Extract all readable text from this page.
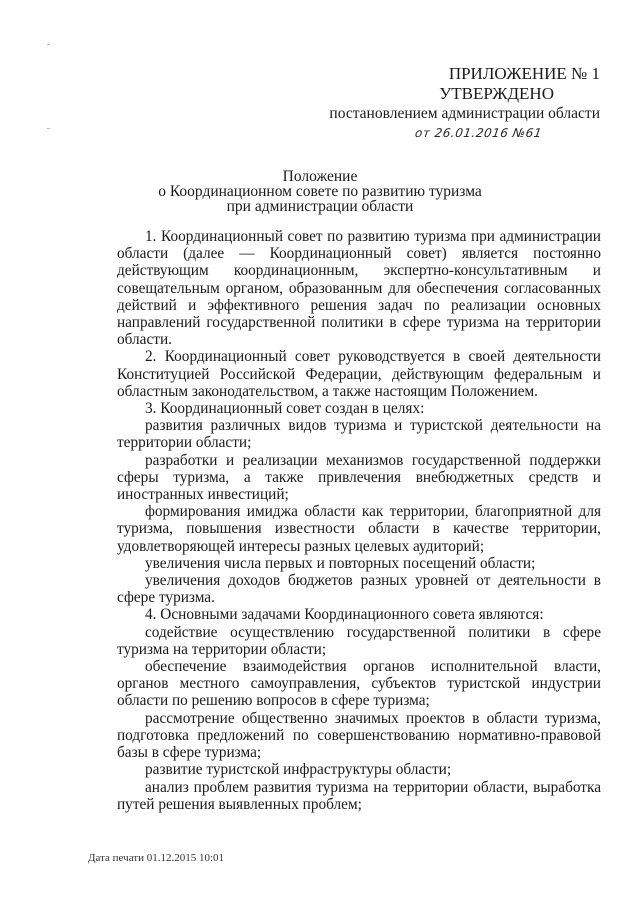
ПРИЛОЖЕНИЕ № 1
УТВЕРЖДЕНО
постановлением администрации области
от 26.01.2016 №61
Положение
о Координационном совете по развитию туризма
при администрации области

1. Координационный совет по развитию туризма при администрации области (далее — Координационный совет) является постоянно действующим координационным, экспертно-консультативным и совещательным органом, образованным для обеспечения согласованных действий и эффективного решения задач по реализации основных направлений государственной политики в сфере туризма на территории области.

2. Координационный совет руководствуется в своей деятельности Конституцией Российской Федерации, действующим федеральным и областным законодательством, а также настоящим Положением.

3. Координационный совет создан в целях:

развития различных видов туризма и туристской деятельности на территории области;

разработки и реализации механизмов государственной поддержки сферы туризма, а также привлечения внебюджетных средств и иностранных инвестиций;

формирования имиджа области как территории, благоприятной для туризма, повышения известности области в качестве территории, удовлетворяющей интересы разных целевых аудиторий;

увеличения числа первых и повторных посещений области;

увеличения доходов бюджетов разных уровней от деятельности в сфере туризма.

4. Основными задачами Координационного совета являются:

содействие осуществлению государственной политики в сфере туризма на территории области;

обеспечение взаимодействия органов исполнительной власти, органов местного самоуправления, субъектов туристской индустрии области по решению вопросов в сфере туризма;

рассмотрение общественно значимых проектов в области туризма, подготовка предложений по совершенствованию нормативно-правовой базы в сфере туризма;

развитие туристской инфраструктуры области;

анализ проблем развития туризма на территории области, выработка путей решения выявленных проблем;

Дата печати 01.12.2015 10:01
